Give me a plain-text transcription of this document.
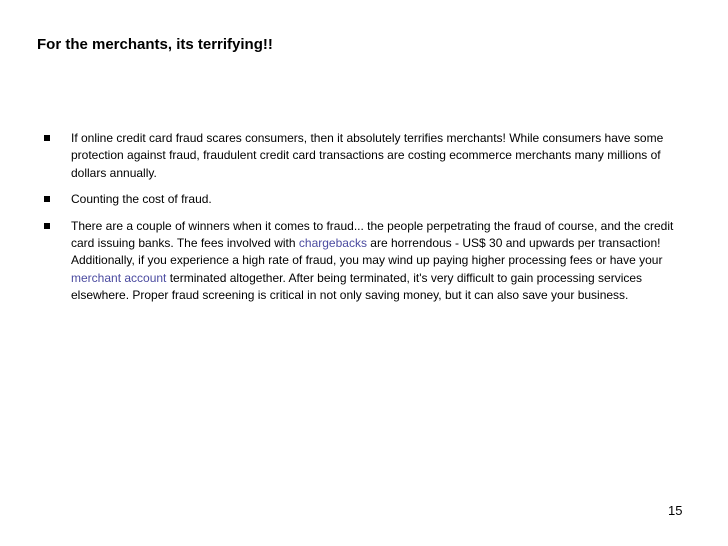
For the merchants, its terrifying!!
If online credit card fraud scares consumers, then it absolutely terrifies merchants! While consumers have some protection against fraud, fraudulent credit card transactions are costing ecommerce merchants many millions of dollars annually.
Counting the cost of fraud.
There are a couple of winners when it comes to fraud... the people perpetrating the fraud of course, and the credit card issuing banks. The fees involved with chargebacks are horrendous - US$ 30 and upwards per transaction! Additionally, if you experience a high rate of fraud, you may wind up paying higher processing fees or have your merchant account terminated altogether. After being terminated, it's very difficult to gain processing services elsewhere. Proper fraud screening is critical in not only saving money, but it can also save your business.
15
